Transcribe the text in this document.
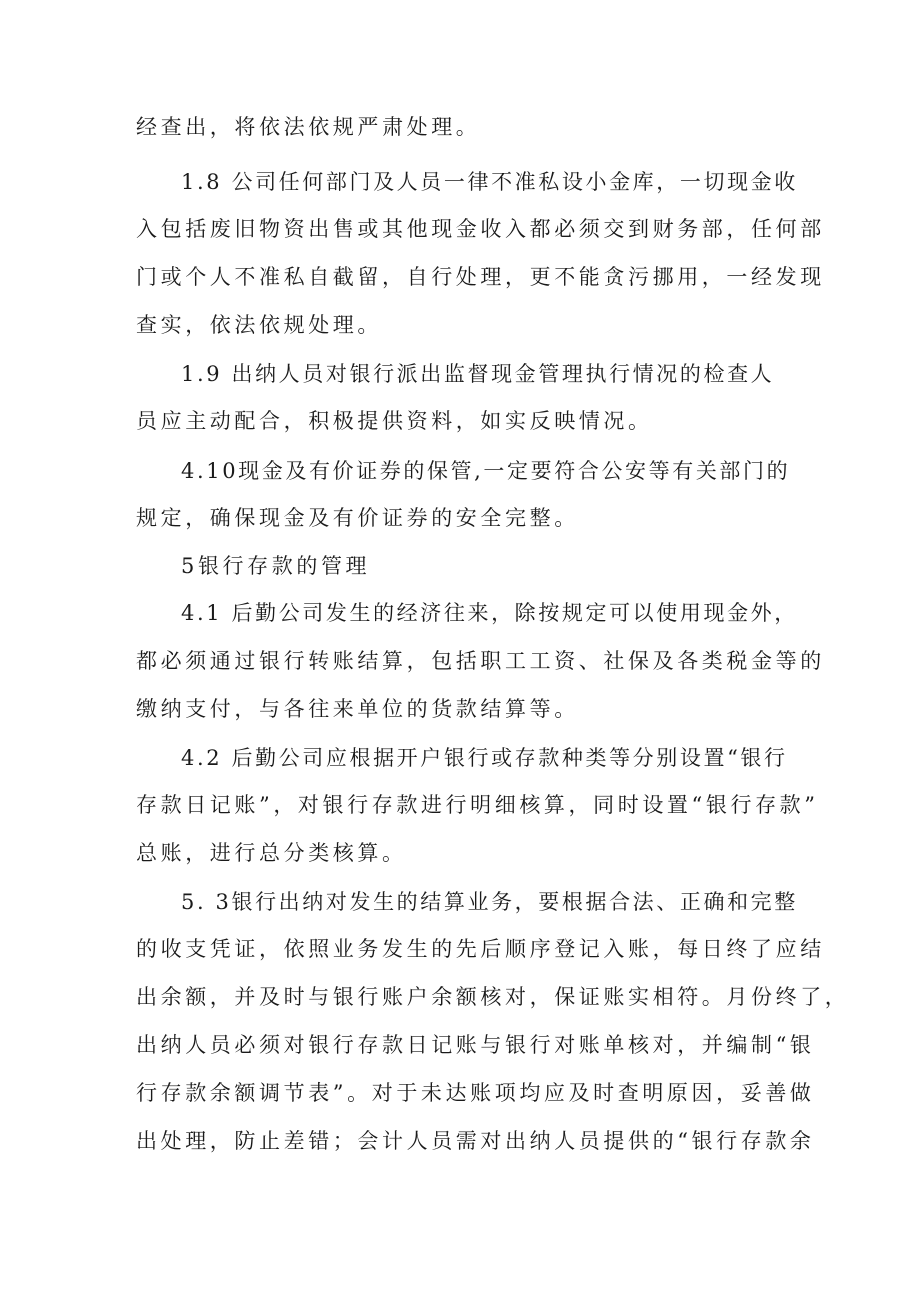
经查出，将依法依规严肃处理。
1.8 公司任何部门及人员一律不准私设小金库，一切现金收
入包括废旧物资出售或其他现金收入都必须交到财务部，任何部
门或个人不准私自截留，自行处理，更不能贪污挪用，一经发现
查实，依法依规处理。
1.9 出纳人员对银行派出监督现金管理执行情况的检查人
员应主动配合，积极提供资料，如实反映情况。
4.10现金及有价证券的保管,一定要符合公安等有关部门的
规定，确保现金及有价证券的安全完整。
5银行存款的管理
4.1 后勤公司发生的经济往来，除按规定可以使用现金外，
都必须通过银行转账结算，包括职工工资、社保及各类税金等的
缴纳支付，与各往来单位的货款结算等。
4.2 后勤公司应根据开户银行或存款种类等分别设置“银行
存款日记账”，对银行存款进行明细核算，同时设置“银行存款”
总账，进行总分类核算。
5. 3银行出纳对发生的结算业务，要根据合法、正确和完整
的收支凭证，依照业务发生的先后顺序登记入账，每日终了应结
出余额，并及时与银行账户余额核对，保证账实相符。月份终了，
出纳人员必须对银行存款日记账与银行对账单核对，并编制“银
行存款余额调节表”。对于未达账项均应及时查明原因，妥善做
出处理，防止差错；会计人员需对出纳人员提供的“银行存款余
